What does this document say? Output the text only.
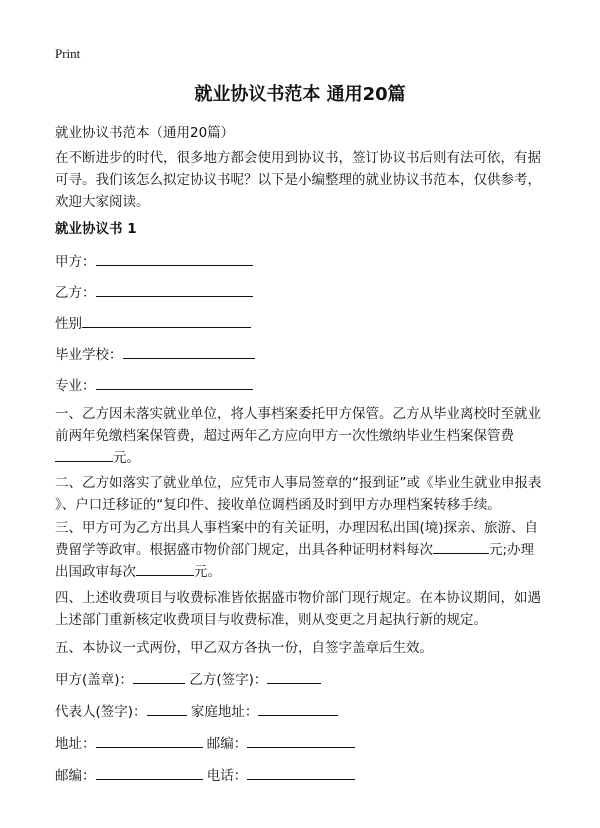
Print
就业协议书范本 通用20篇
就业协议书范本（通用20篇）
在不断进步的时代，很多地方都会使用到协议书，签订协议书后则有法可依，有据
可寻。我们该怎么拟定协议书呢？以下是小编整理的就业协议书范本，仅供参考，
欢迎大家阅读。
就业协议书 1
甲方：
乙方：
性别
毕业学校：
专业：
一、乙方因未落实就业单位，将人事档案委托甲方保管。乙方从毕业离校时至就业
前两年免缴档案保管费，超过两年乙方应向甲方一次性缴纳毕业生档案保管费
元。
二、乙方如落实了就业单位，应凭市人事局签章的“报到证”或《毕业生就业申报表
》、户口迁移证的“复印件、接收单位调档函及时到甲方办理档案转移手续。
三、甲方可为乙方出具人事档案中的有关证明，办理因私出国(境)探亲、旅游、自
费留学等政审。根据盛市物价部门规定，出具各种证明材料每次	元;办理
出国政审每次	元。
四、上述收费项目与收费标准皆依据盛市物价部门现行规定。在本协议期间，如遇
上述部门重新核定收费项目与收费标准，则从变更之月起执行新的规定。
五、本协议一式两份，甲乙双方各执一份，自签字盖章后生效。
甲方(盖章)：	乙方(签字)：
代表人(签字)：	家庭地址：
地址：	邮编：
邮编：	电话：
